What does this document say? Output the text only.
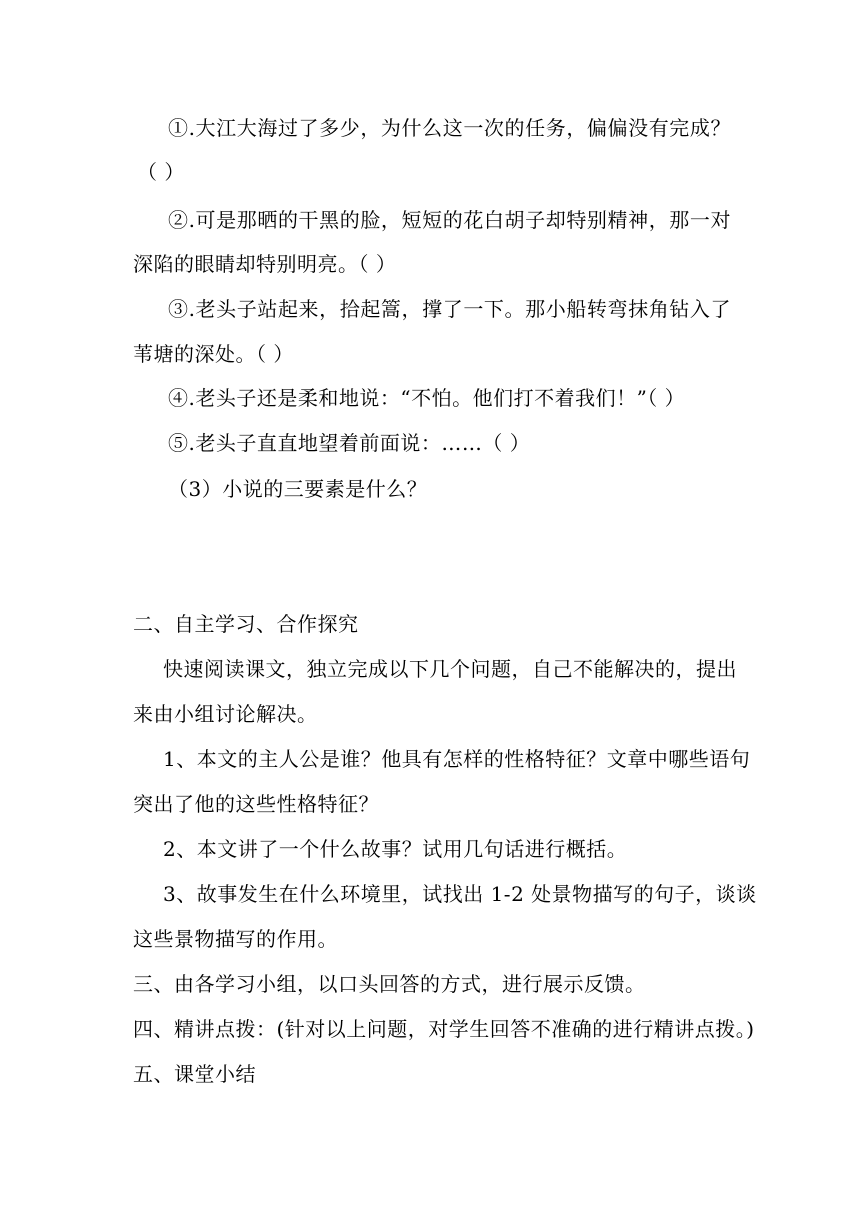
①.大江大海过了多少，为什么这一次的任务，偏偏没有完成？
（ ）
②.可是那晒的干黑的脸，短短的花白胡子却特别精神，那一对
深陷的眼睛却特别明亮。（ ）
③.老头子站起来，拾起篙，撑了一下。那小船转弯抹角钻入了
苇塘的深处。（ ）
④.老头子还是柔和地说：“不怕。他们打不着我们！”（ ）
⑤.老头子直直地望着前面说：……（ ）
（3）小说的三要素是什么？
二、自主学习、合作探究
快速阅读课文，独立完成以下几个问题，自己不能解决的，提出
来由小组讨论解决。
1、本文的主人公是谁？他具有怎样的性格特征？文章中哪些语句
突出了他的这些性格特征？
2、本文讲了一个什么故事？试用几句话进行概括。
3、故事发生在什么环境里，试找出 1-2 处景物描写的句子，谈谈
这些景物描写的作用。
三、由各学习小组，以口头回答的方式，进行展示反馈。
四、精讲点拨：(针对以上问题，对学生回答不准确的进行精讲点拨。)
五、课堂小结
